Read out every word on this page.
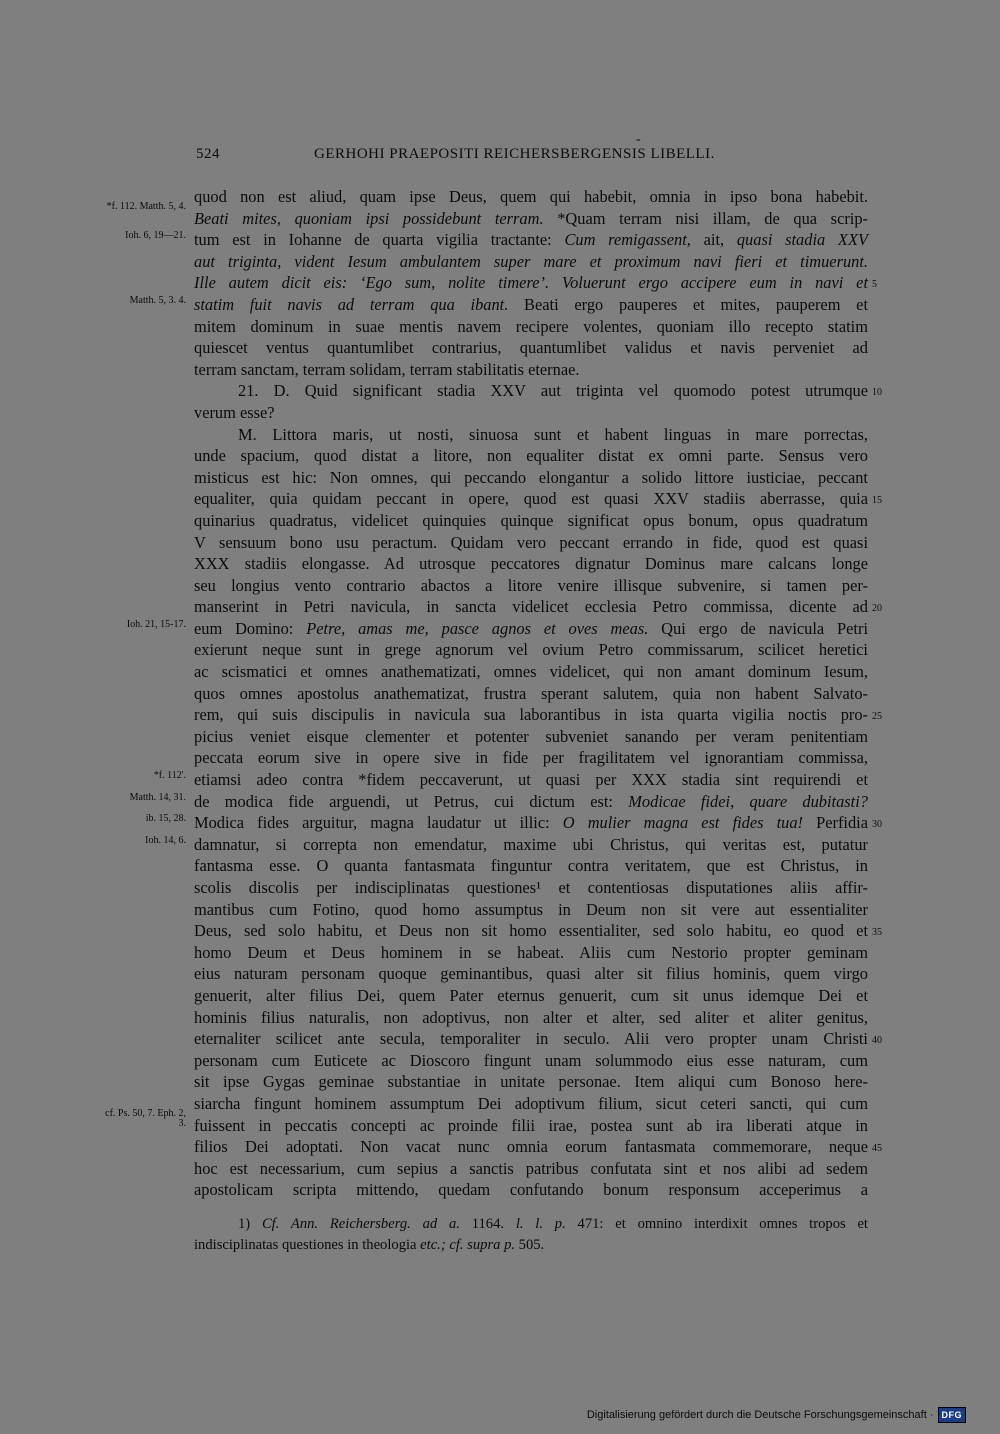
-
524	GERHOHI PRAEPOSITI REICHERSBERGENSIS LIBELLI.
quod non est aliud, quam ipse Deus, quem qui habebit, omnia in ipso bona habebit.
*f. 112. Matth. 5, 4.
Beati mites, quoniam ipsi possidebunt terram. *Quam terram nisi illam, de qua scrip-
Ioh. 6, 19—21. tum est in Iohanne de quarta vigilia tractante: Cum remigassent, ait, quasi stadia XXV
aut triginta, vident Iesum ambulantem super mare et proximum navi fieri et timuerunt.
Ille autem dicit eis: ‘Ego sum, nolite timere’. Voluerunt ergo accipere eum in navi et 5
Matth. 5, 3. 4. statim fuit navis ad terram qua ibant. Beati ergo pauperes et mites, pauperem et
mitem dominum in suae mentis navem recipere volentes, quoniam illo recepto statim
quiescet ventus quantumlibet contrarius, quantumlibet validus et navis perveniet ad
terram sanctam, terram solidam, terram stabilitatis eternae.
21. D. Quid significant stadia XXV aut triginta vel quomodo potest utrumque 10
verum esse?
M. Littora maris, ut nosti, sinuosa sunt et habent linguas in mare porrectas,
unde spacium, quod distat a litore, non equaliter distat ex omni parte. Sensus vero
misticus est hic: Non omnes, qui peccando elongantur a solido littore iusticiae, peccant
equaliter, quia quidam peccant in opere, quod est quasi XXV stadiis aberrasse, quia 15
quinarius quadratus, videlicet quinquies quinque significat opus bonum, opus quadratum
V sensuum bono usu peractum. Quidam vero peccant errando in fide, quod est quasi
XXX stadiis elongasse. Ad utrosque peccatores dignatur Dominus mare calcans longe
seu longius vento contrario abactos a litore venire illisque subvenire, si tamen per-
manserint in Petri navicula, in sancta videlicet ecclesia Petro commissa, dicente ad 20
Ioh. 21, 15-17. eum Domino: Petre, amas me, pasce agnos et oves meas. Qui ergo de navicula Petri
exierunt neque sunt in grege agnorum vel ovium Petro commissarum, scilicet heretici
ac scismatici et omnes anathematizati, omnes videlicet, qui non amant dominum Iesum,
quos omnes apostolus anathematizat, frustra sperant salutem, quia non habent Salvato-
rem, qui suis discipulis in navicula sua laborantibus in ista quarta vigilia noctis pro- 25
picius veniet eisque clementer et potenter subveniet sanando per veram penitentiam
peccata eorum sive in opere sive in fide per fragilitatem vel ignorantiam commissa,
*f. 112'. etiamsi adeo contra *fidem peccaverunt, ut quasi per XXX stadia sint requirendi et
Matth. 14, 31. de modica fide arguendi, ut Petrus, cui dictum est: Modicae fidei, quare dubitasti?
ib. 15, 28. Modica fides arguitur, magna laudatur ut illic: O mulier magna est fides tua! Perfidia 30
Ioh. 14, 6. damnatur, si correpta non emendatur, maxime ubi Christus, qui veritas est, putatur
fantasma esse. O quanta fantasmata finguntur contra veritatem, que est Christus, in
scolis discolis per indisciplinatas questiones¹ et contentiosas disputationes aliis affir-
mantibus cum Fotino, quod homo assumptus in Deum non sit vere aut essentialiter
Deus, sed solo habitu, et Deus non sit homo essentialiter, sed solo habitu, eo quod et 35
homo Deum et Deus hominem in se habeat. Aliis cum Nestorio propter geminam
eius naturam personam quoque geminantibus, quasi alter sit filius hominis, quem virgo
genuerit, alter filius Dei, quem Pater eternus genuerit, cum sit unus idemque Dei et
hominis filius naturalis, non adoptivus, non alter et alter, sed aliter et aliter genitus,
eternaliter scilicet ante secula, temporaliter in seculo. Alii vero propter unam Christi 40
personam cum Euticete ac Dioscoro fingunt unam solummodo eius esse naturam, cum
sit ipse Gygas geminae substantiae in unitate personae. Item aliqui cum Bonoso here-
siarcha fingunt hominem assumptum Dei adoptivum filium, sicut ceteri sancti, qui cum
cf. Ps. 50, 7. Eph. 2, 3. fuissent in peccatis concepti ac proinde filii irae, postea sunt ab ira liberati atque in
filios Dei adoptati. Non vacat nunc omnia eorum fantasmata commemorare, neque 45
hoc est necessarium, cum sepius a sanctis patribus confutata sint et nos alibi ad sedem
apostolicam scripta mittendo, quedam confutando bonum responsum acceperimus a
1) Cf. Ann. Reichersberg. ad a. 1164. l. l. p. 471: et omnino interdixit omnes tropos et
indisciplinatas questiones in theologia etc.; cf. supra p. 505.
Digitalisierung gefördert durch die Deutsche Forschungsgemeinschaft · DFG
